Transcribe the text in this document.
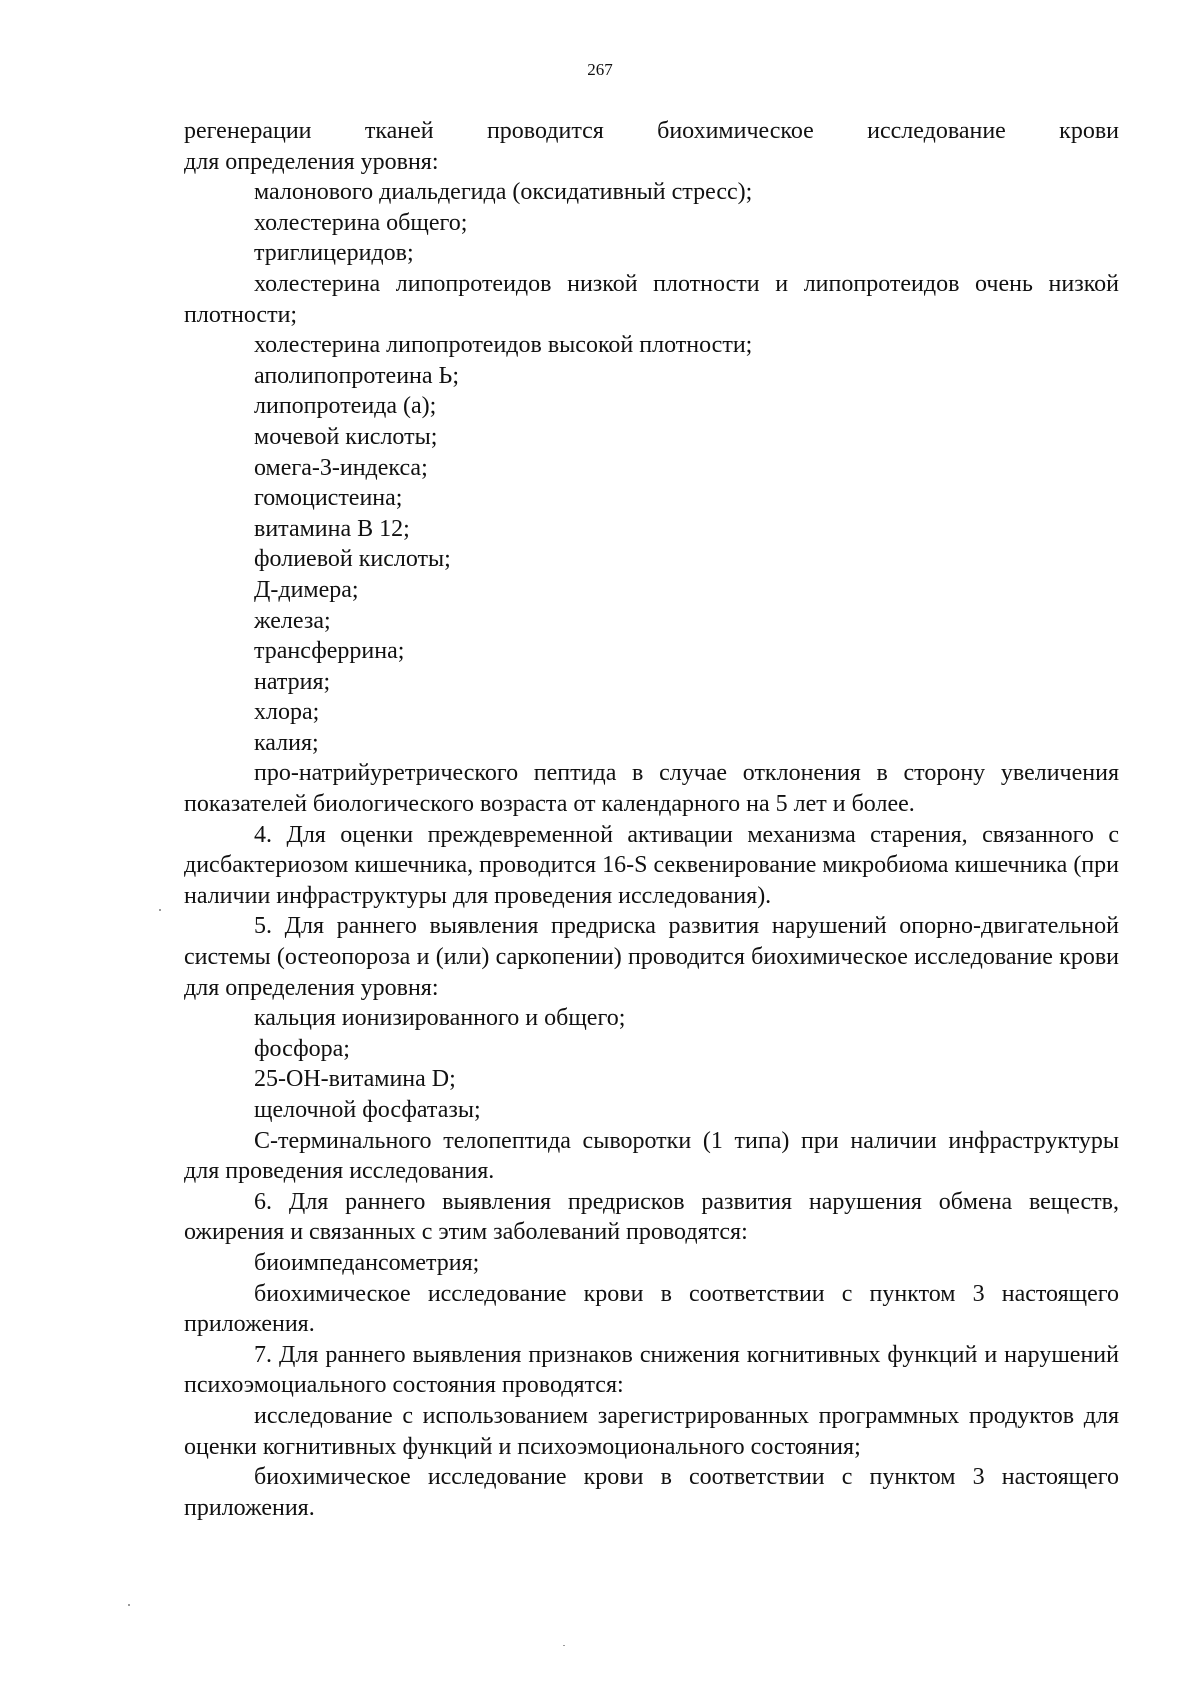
267
регенерации тканей проводится биохимическое исследование крови
для определения уровня:
малонового диальдегида (оксидативный стресс);
холестерина общего;
триглицеридов;
холестерина липопротеидов низкой плотности и липопротеидов очень низкой плотности;
холестерина липопротеидов высокой плотности;
аполипопротеина Ь;
липопротеида (а);
мочевой кислоты;
омега-3-индекса;
гомоцистеина;
витамина В 12;
фолиевой кислоты;
Д-димера;
железа;
трансферрина;
натрия;
хлора;
калия;
про-натрийуретрического пептида в случае отклонения в сторону увеличения показателей биологического возраста от календарного на 5 лет и более.
4. Для оценки преждевременной активации механизма старения, связанного с дисбактериозом кишечника, проводится 16-S секвенирование микробиома кишечника (при наличии инфраструктуры для проведения исследования).
5. Для раннего выявления предриска развития нарушений опорно-двигательной системы (остеопороза и (или) саркопении) проводится биохимическое исследование крови для определения уровня:
кальция ионизированного и общего;
фосфора;
25-OH-витамина D;
щелочной фосфатазы;
С-терминального телопептида сыворотки (1 типа) при наличии инфраструктуры для проведения исследования.
6. Для раннего выявления предрисков развития нарушения обмена веществ, ожирения и связанных с этим заболеваний проводятся:
биоимпедансометрия;
биохимическое исследование крови в соответствии с пунктом 3 настоящего приложения.
7. Для раннего выявления признаков снижения когнитивных функций и нарушений психоэмоциального состояния проводятся:
исследование с использованием зарегистрированных программных продуктов для оценки когнитивных функций и психоэмоционального состояния;
биохимическое исследование крови в соответствии с пунктом 3 настоящего приложения.
